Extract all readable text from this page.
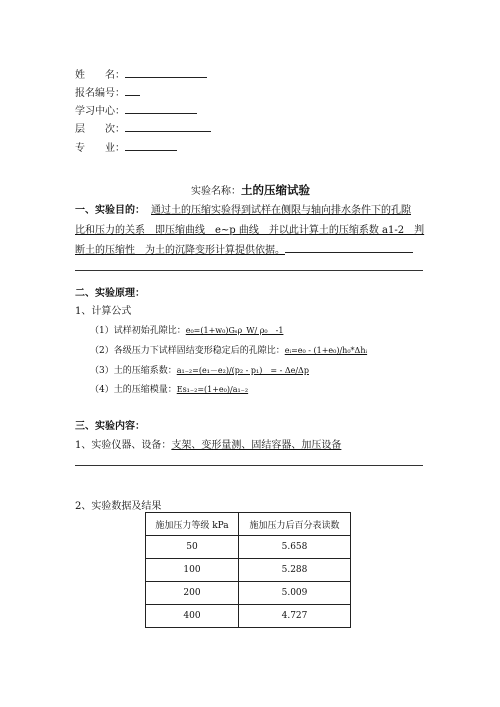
姓　　名：
报名编号：
学习中心：
层　　次：
专　　业：
实验名称：土的压缩试验
一、实验目的： 通过土的压缩实验得到试样在侧限与轴向排水条件下的孔隙
比和压力的关系　即压缩曲线　e~p 曲线　并以此计算土的压缩系数 a1-2　判
断土的压缩性　为土的沉降变形计算提供依据。
二、实验原理：
1、计算公式
（1）试样初始孔隙比：e₀=(1+w₀)Gₛρ_W/ ρ₀　-1
（2）各级压力下试样固结变形稳定后的孔隙比：eᵢ=e₀ - (1+e₀)/h₀*Δhᵢ
（3）土的压缩系数：a₁₋₂=(e₁－e₂)/(p₂ - p₁)　= - Δe/Δp
（4）土的压缩模量：Es₁₋₂=(1+e₀)/a₁₋₂
三、实验内容：
1、实验仪器、设备：支架、变形量测、固结容器、加压设备
2、实验数据及结果
施加压力等级 kPa	施加压力后百分表读数
50	5.658
100	5.288
200	5.009
400	4.727
